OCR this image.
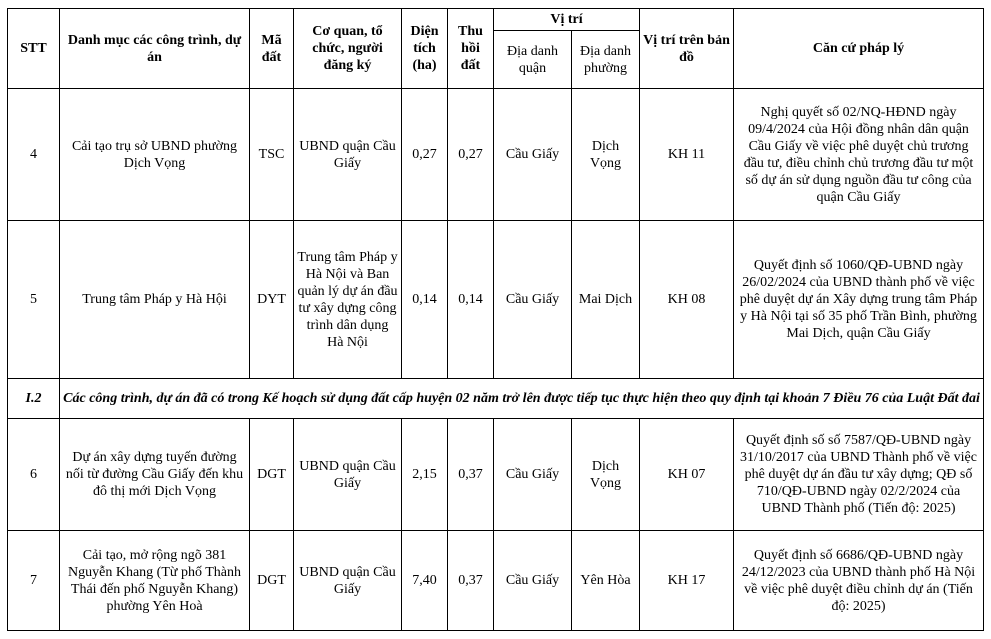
STT	Danh mục các công trình, dự án	Mã đất	Cơ quan, tổ chức, người đăng ký	Diện tích (ha)	Thu hồi đất	Vị trí		Vị trí trên bản đồ	Căn cứ pháp lý
						Địa danh quận	Địa danh phường		
4	Cải tạo trụ sở UBND phường Dịch Vọng	TSC	UBND quận Cầu Giấy	0,27	0,27	Cầu Giấy	Dịch Vọng	KH 11	Nghị quyết số 02/NQ-HĐND ngày 09/4/2024 của Hội đồng nhân dân quận Cầu Giấy về việc phê duyệt chủ trương đầu tư, điều chỉnh chủ trương đầu tư một số dự án sử dụng nguồn đầu tư công của quận Cầu Giấy
5	Trung tâm Pháp y Hà Hội	DYT	Trung tâm Pháp y Hà Nội và Ban quản lý dự án đầu tư xây dựng công trình dân dụng Hà Nội	0,14	0,14	Cầu Giấy	Mai Dịch	KH 08	Quyết định số 1060/QĐ-UBND ngày 26/02/2024 của UBND thành phố về việc phê duyệt dự án Xây dựng trung tâm Pháp y Hà Nội tại số 35 phố Trần Bình, phường Mai Dịch, quận Cầu Giấy
I.2	Các công trình, dự án đã có trong Kế hoạch sử dụng đất cấp huyện 02 năm trở lên được tiếp tục thực hiện theo quy định tại khoản 7 Điều 76 của Luật Đất đai								
6	Dự án xây dựng tuyến đường nối từ đường Cầu Giấy đến khu đô thị mới Dịch Vọng	DGT	UBND quận Cầu Giấy	2,15	0,37	Cầu Giấy	Dịch Vọng	KH 07	Quyết định số số 7587/QĐ-UBND ngày 31/10/2017 của UBND Thành phố về việc phê duyệt dự án đầu tư xây dựng; QĐ số 710/QĐ-UBND ngày 02/2/2024 của UBND Thành phố (Tiến độ: 2025)
7	Cải tạo, mở rộng ngõ 381 Nguyễn Khang (Từ phố Thành Thái đến phố Nguyễn Khang) phường Yên Hoà	DGT	UBND quận Cầu Giấy	7,40	0,37	Cầu Giấy	Yên Hòa	KH 17	Quyết định số 6686/QĐ-UBND ngày 24/12/2023 của UBND thành phố Hà Nội về việc phê duyệt điều chỉnh dự án (Tiến độ: 2025)
